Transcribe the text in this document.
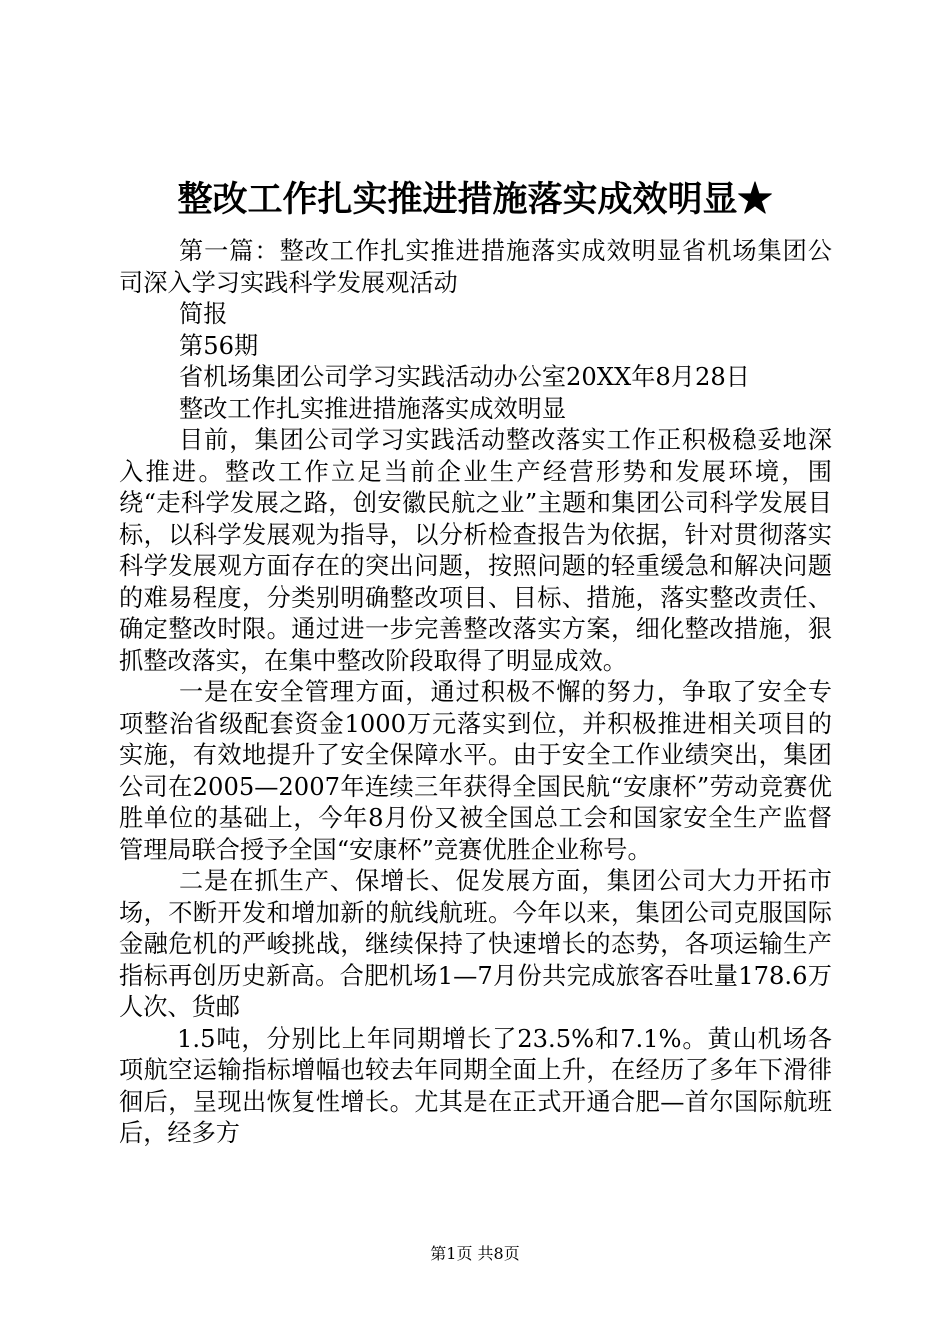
整改工作扎实推进措施落实成效明显★

第一篇：整改工作扎实推进措施落实成效明显省机场集团公司深入学习实践科学发展观活动

简报

第56期

省机场集团公司学习实践活动办公室20XX年8月28日

整改工作扎实推进措施落实成效明显

目前，集团公司学习实践活动整改落实工作正积极稳妥地深入推进。整改工作立足当前企业生产经营形势和发展环境，围绕“走科学发展之路，创安徽民航之业”主题和集团公司科学发展目标，以科学发展观为指导，以分析检查报告为依据，针对贯彻落实科学发展观方面存在的突出问题，按照问题的轻重缓急和解决问题的难易程度，分类别明确整改项目、目标、措施，落实整改责任、确定整改时限。通过进一步完善整改落实方案，细化整改措施，狠抓整改落实，在集中整改阶段取得了明显成效。

一是在安全管理方面，通过积极不懈的努力，争取了安全专项整治省级配套资金1000万元落实到位，并积极推进相关项目的实施，有效地提升了安全保障水平。由于安全工作业绩突出，集团公司在2005—2007年连续三年获得全国民航“安康杯”劳动竞赛优胜单位的基础上，今年8月份又被全国总工会和国家安全生产监督管理局联合授予全国“安康杯”竞赛优胜企业称号。

二是在抓生产、保增长、促发展方面，集团公司大力开拓市场，不断开发和增加新的航线航班。今年以来，集团公司克服国际金融危机的严峻挑战，继续保持了快速增长的态势，各项运输生产指标再创历史新高。合肥机场1—7月份共完成旅客吞吐量178.6万人次、货邮

1.5吨，分别比上年同期增长了23.5%和7.1%。黄山机场各项航空运输指标增幅也较去年同期全面上升，在经历了多年下滑徘徊后，呈现出恢复性增长。尤其是在正式开通合肥—首尔国际航班后，经多方

第1页 共8页
